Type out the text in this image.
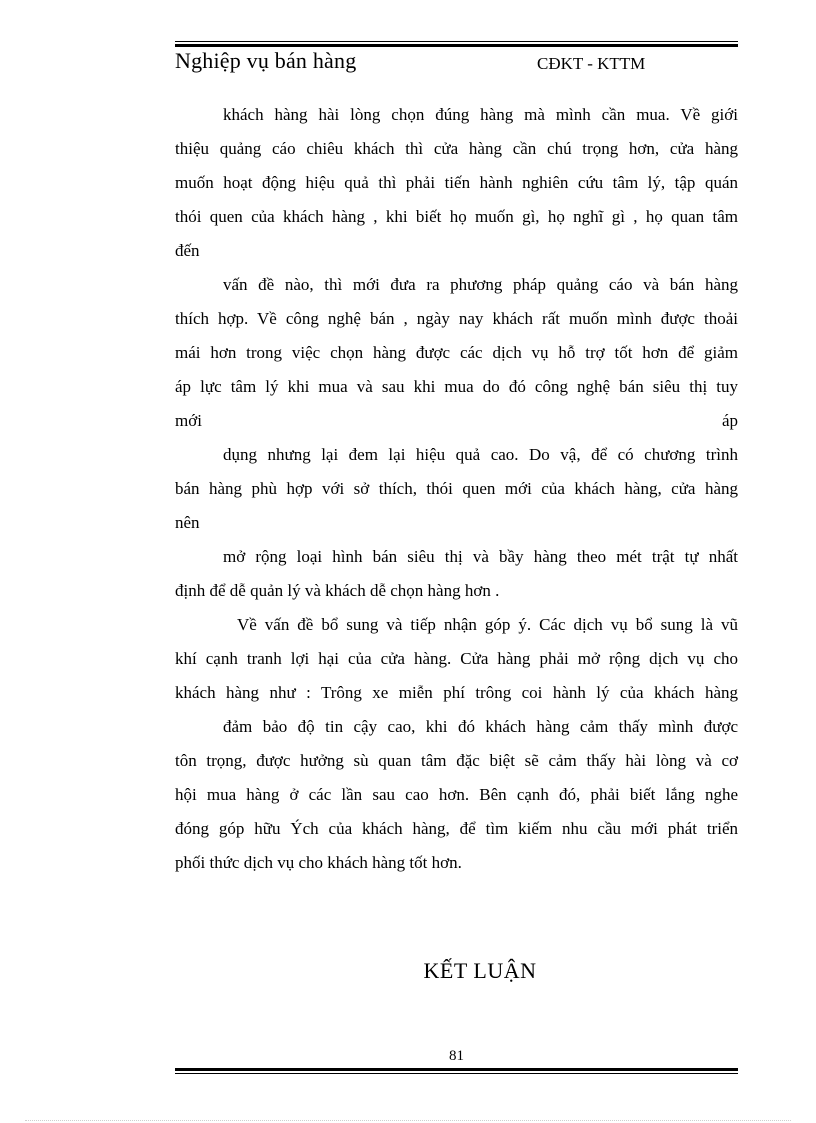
Nghiệp vụ bán hàng	CĐKT - KTTM
khách hàng hài lòng chọn đúng hàng mà mình cần mua. Về giới
thiệu quảng cáo chiêu khách thì cửa hàng cần chú trọng hơn, cửa hàng
muốn hoạt động hiệu quả thì phải tiến hành nghiên cứu tâm lý, tập quán
thói quen của khách hàng , khi biết họ muốn gì, họ nghĩ gì , họ quan tâm
đến
vấn đề nào, thì mới đưa ra phương pháp quảng cáo và bán hàng
thích hợp. Về công nghệ bán , ngày nay khách rất muốn mình được thoải
mái hơn trong việc chọn hàng được các dịch vụ hỗ trợ tốt hơn để giảm
áp lực tâm lý khi mua và sau khi mua do đó công nghệ bán siêu thị tuy
mới	áp
dụng nhưng lại đem lại hiệu quả cao. Do vậ, để có chương trình
bán hàng phù hợp với sở thích, thói quen mới của khách hàng, cửa hàng
nên
mở rộng loại hình bán siêu thị và bầy hàng theo mét trật tự nhất
định để dễ quản lý và khách dễ chọn hàng hơn .
Về vấn đề bổ sung và tiếp nhận góp ý. Các dịch vụ bổ sung là vũ
khí cạnh tranh lợi hại của cửa hàng. Cửa hàng phải mở rộng dịch vụ cho
khách hàng như : Trông xe miễn phí trông coi hành lý của khách hàng
đảm bảo độ tin cậy cao, khi đó khách hàng cảm thấy mình được
tôn trọng, được hưởng sù quan tâm đặc biệt sẽ cảm thấy hài lòng và cơ
hội mua hàng ở các lần sau cao hơn. Bên cạnh đó, phải biết lắng nghe
đóng góp hữu Ých của khách hàng, để tìm kiếm nhu cầu mới phát triển
phối thức dịch vụ cho khách hàng tốt hơn.
KẾT LUẬN
81
